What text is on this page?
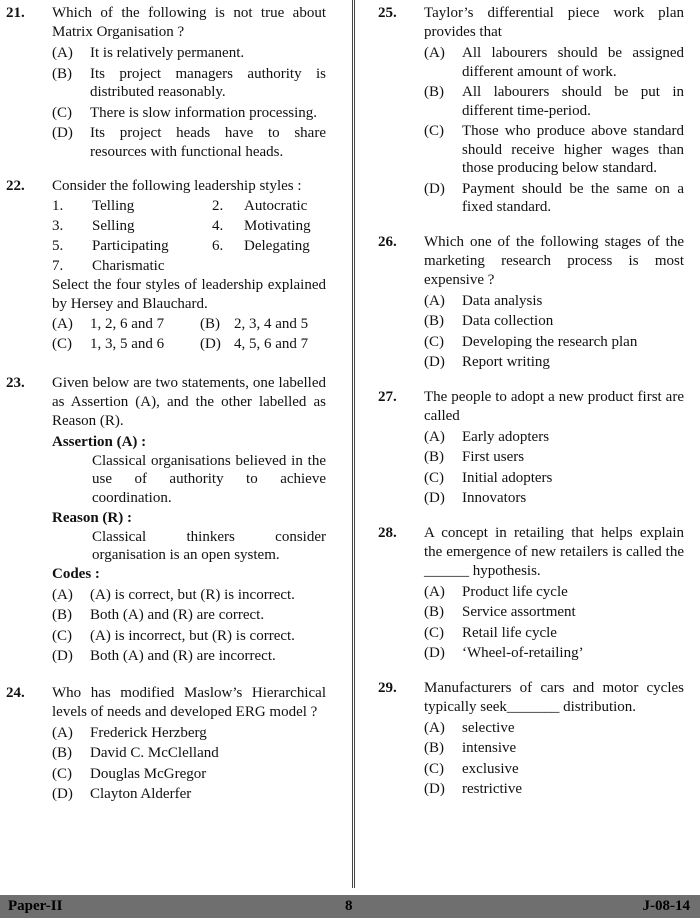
21.	Which of the following is not true about Matrix Organisation ?
(A)	It is relatively permanent.
(B)	Its project managers authority is distributed reasonably.
(C)	There is slow information processing.
(D)	Its project heads have to share resources with functional heads.
22.	Consider the following leadership styles :
1.	Telling	2.	Autocratic
3.	Selling	4.	Motivating
5.	Participating	6.	Delegating
7.	Charismatic
Select the four styles of leadership explained by Hersey and Blauchard.
(A)	1, 2, 6 and 7	(B) 2, 3, 4 and 5
(C)	1, 3, 5 and 6	(D) 4, 5, 6 and 7
23.	Given below are two statements, one labelled as Assertion (A), and the other labelled as Reason (R).
Assertion (A) :
Classical organisations believed in the use of authority to achieve coordination.
Reason (R) :
Classical thinkers consider organisation is an open system.
Codes :
(A)	(A) is correct, but (R) is incorrect.
(B)	Both (A) and (R) are correct.
(C)	(A) is incorrect, but (R) is correct.
(D)	Both (A) and (R) are incorrect.
24.	Who has modified Maslow’s Hierarchical levels of needs and developed ERG model ?
(A)	Frederick Herzberg
(B)	David C. McClelland
(C)	Douglas McGregor
(D)	Clayton Alderfer
25.	Taylor’s differential piece work plan provides that
(A)	All labourers should be assigned different amount of work.
(B)	All labourers should be put in different time-period.
(C)	Those who produce above standard should receive higher wages than those producing below standard.
(D)	Payment should be the same on a fixed standard.
26.	Which one of the following stages of the marketing research process is most expensive ?
(A)	Data analysis
(B)	Data collection
(C)	Developing the research plan
(D)	Report writing
27.	The people to adopt a new product first are called
(A)	Early adopters
(B)	First users
(C)	Initial adopters
(D)	Innovators
28.	A concept in retailing that helps explain the emergence of new retailers is called the ______ hypothesis.
(A)	Product life cycle
(B)	Service assortment
(C)	Retail life cycle
(D)	‘Wheel-of-retailing’
29.	Manufacturers of cars and motor cycles typically seek_______ distribution.
(A)	selective
(B)	intensive
(C)	exclusive
(D)	restrictive
Paper-II	8	J-08-14
